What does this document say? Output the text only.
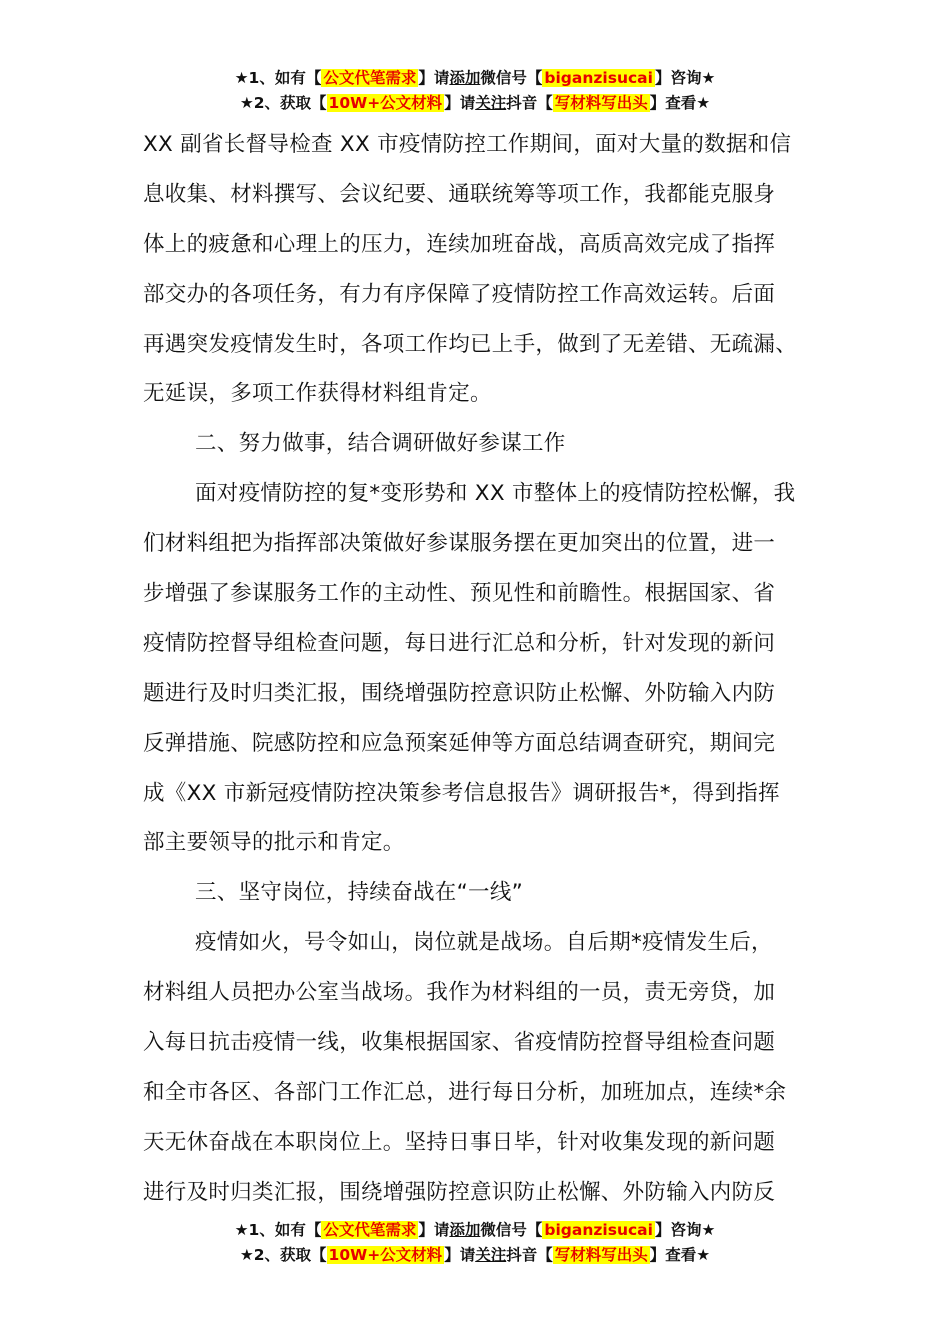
★1、如有【 公文代笔需求 】请添加微信号【 biganzisucai 】咨询★
★2、获取【 10W+公文材料 】请关注抖音【 写材料写出头 】查看★
XX 副省长督导检查 XX 市疫情防控工作期间，面对大量的数据和信
息收集、材料撰写、会议纪要、通联统筹等项工作，我都能克服身
体上的疲惫和心理上的压力，连续加班奋战，高质高效完成了指挥
部交办的各项任务，有力有序保障了疫情防控工作高效运转。后面
再遇突发疫情发生时，各项工作均已上手，做到了无差错、无疏漏、
无延误，多项工作获得材料组肯定。
二、努力做事，结合调研做好参谋工作
面对疫情防控的复*变形势和 XX 市整体上的疫情防控松懈，我
们材料组把为指挥部决策做好参谋服务摆在更加突出的位置，进一
步增强了参谋服务工作的主动性、预见性和前瞻性。根据国家、省
疫情防控督导组检查问题，每日进行汇总和分析，针对发现的新问
题进行及时归类汇报，围绕增强防控意识防止松懈、外防输入内防
反弹措施、院感防控和应急预案延伸等方面总结调查研究，期间完
成《XX 市新冠疫情防控决策参考信息报告》调研报告*，得到指挥
部主要领导的批示和肯定。
三、坚守岗位，持续奋战在“一线”
疫情如火，号令如山，岗位就是战场。自后期*疫情发生后，
材料组人员把办公室当战场。我作为材料组的一员，责无旁贷，加
入每日抗击疫情一线，收集根据国家、省疫情防控督导组检查问题
和全市各区、各部门工作汇总，进行每日分析，加班加点，连续*余
天无休奋战在本职岗位上。坚持日事日毕，针对收集发现的新问题
进行及时归类汇报，围绕增强防控意识防止松懈、外防输入内防反
★1、如有【 公文代笔需求 】请添加微信号【 biganzisucai 】咨询★
★2、获取【 10W+公文材料 】请关注抖音【 写材料写出头 】查看★
